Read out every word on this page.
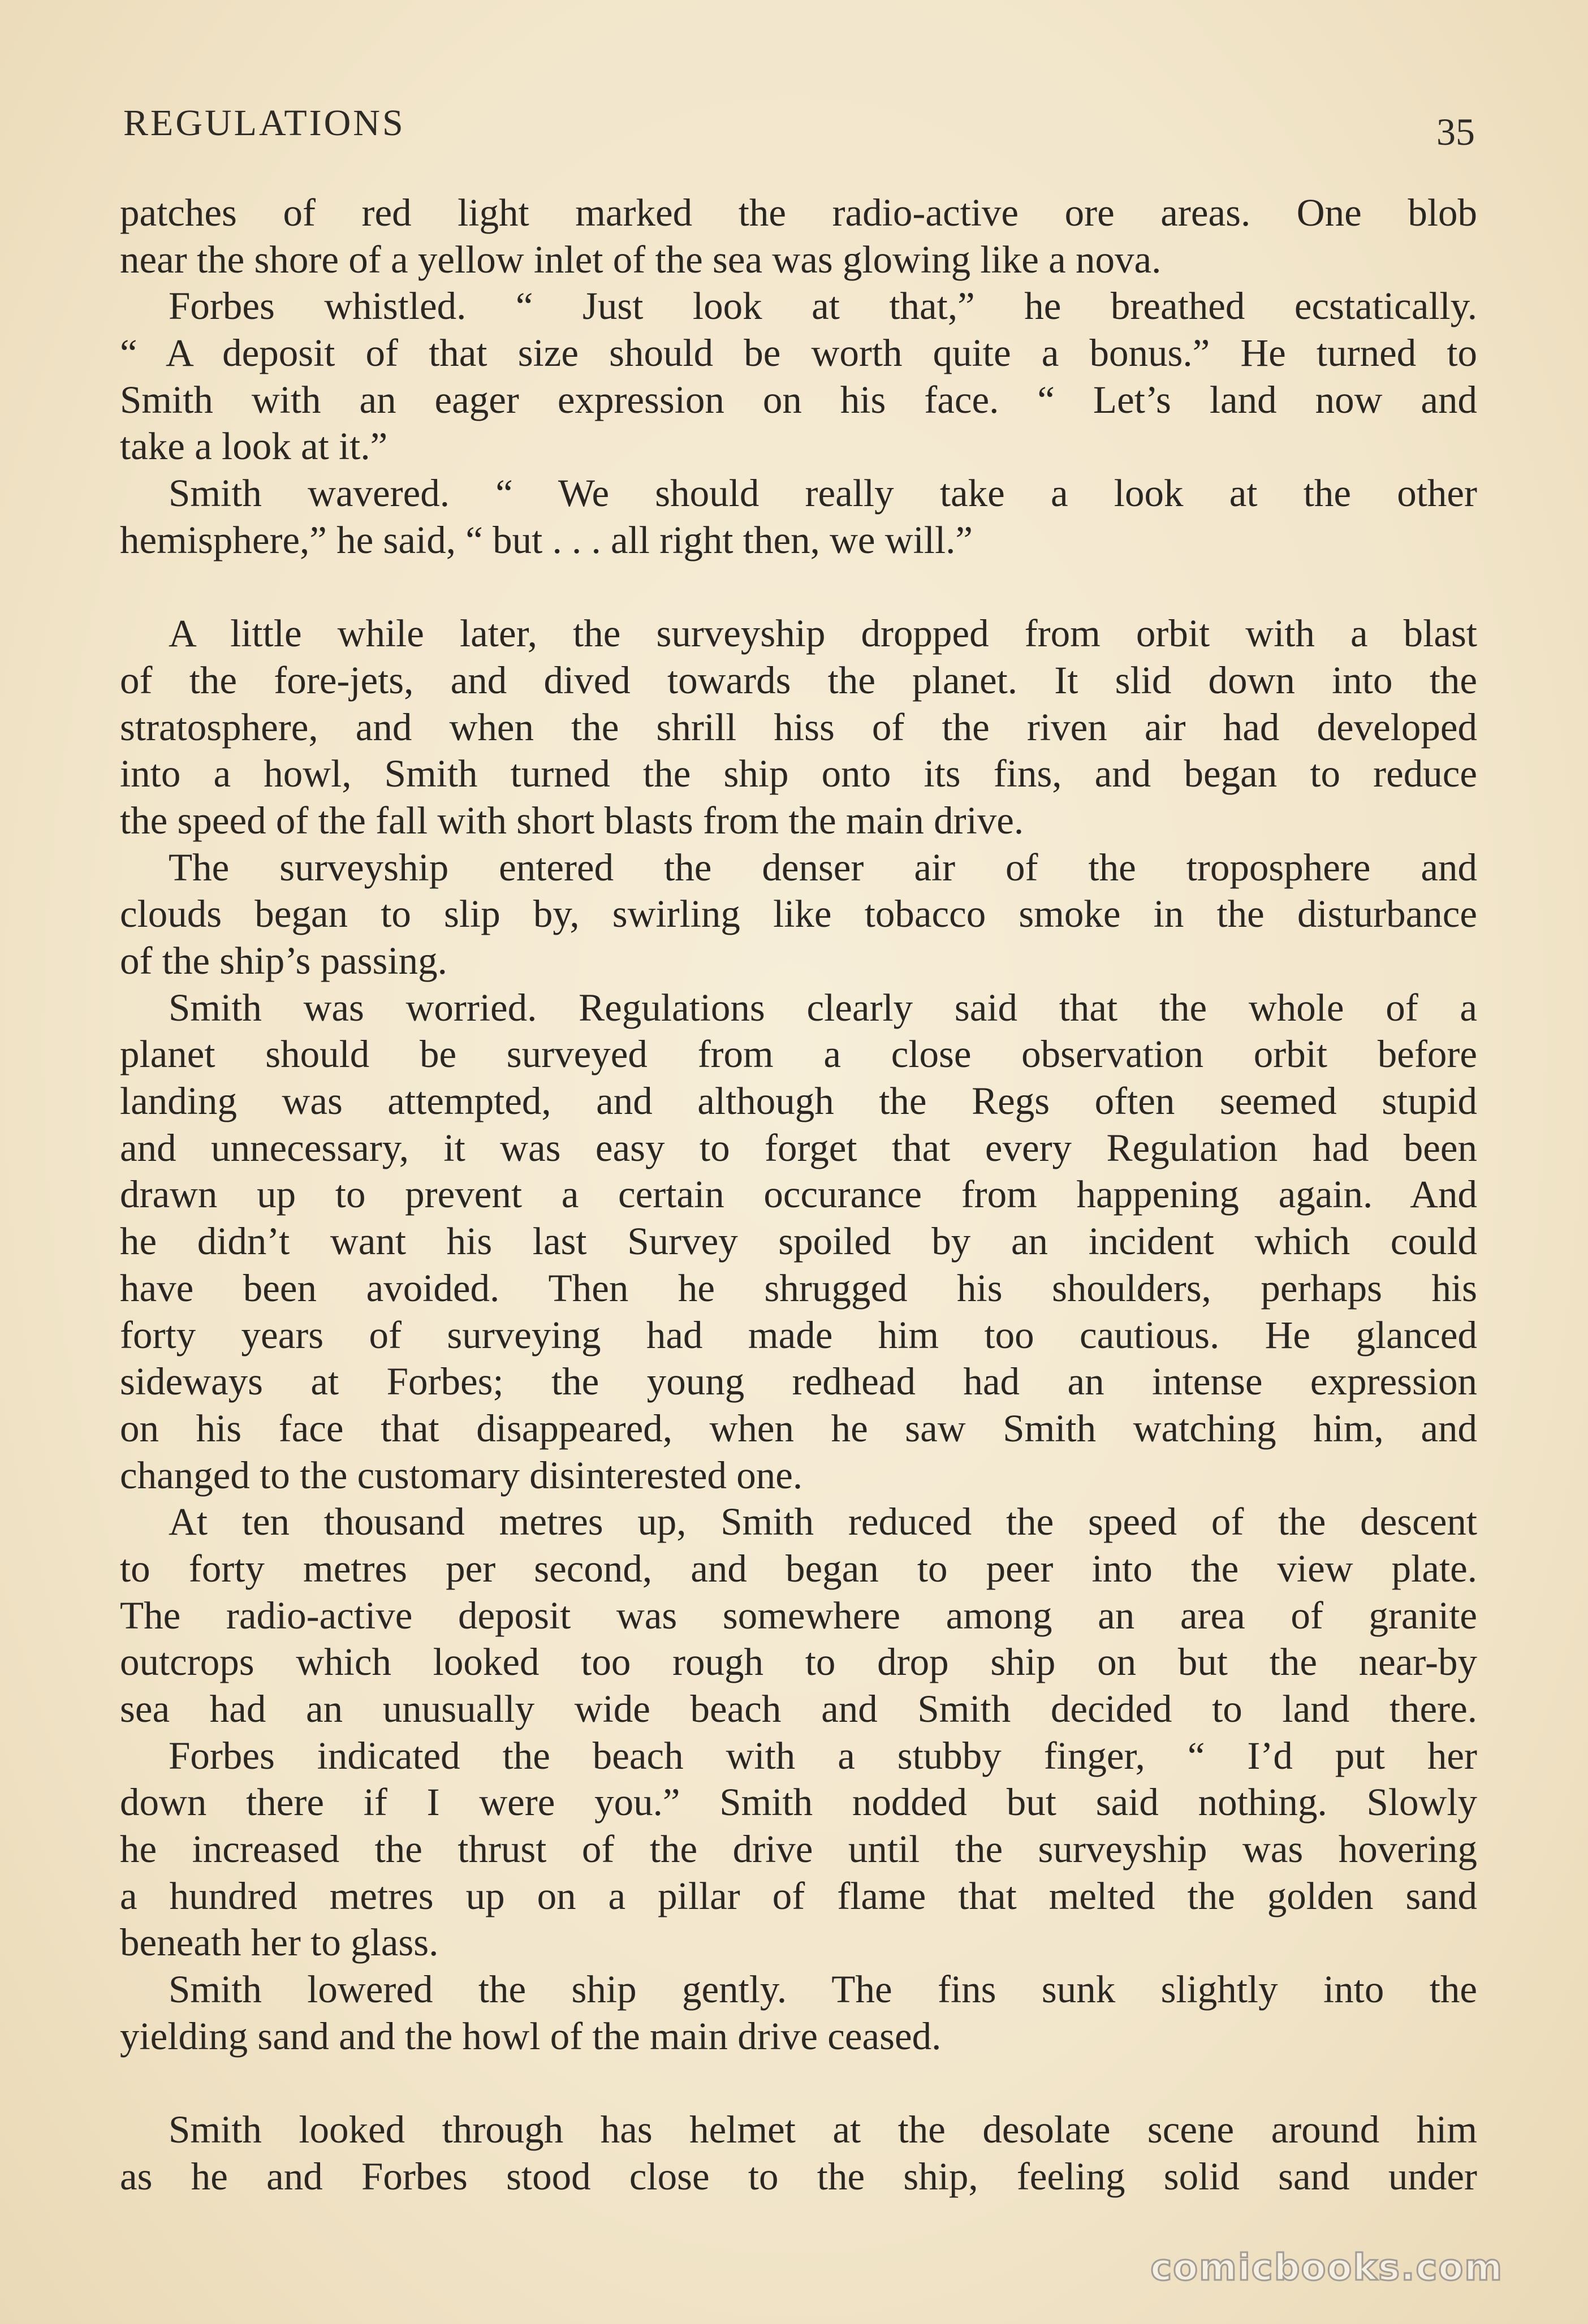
REGULATIONS	35
patches of red light marked the radio-active ore areas. One blob
near the shore of a yellow inlet of the sea was glowing like a nova.
Forbes whistled. “ Just look at that,” he breathed ecstatically.
“ A deposit of that size should be worth quite a bonus.” He turned to
Smith with an eager expression on his face. “ Let’s land now and
take a look at it.”
Smith wavered. “ We should really take a look at the other
hemisphere,” he said, “ but . . . all right then, we will.”
A little while later, the surveyship dropped from orbit with a blast
of the fore-jets, and dived towards the planet. It slid down into the
stratosphere, and when the shrill hiss of the riven air had developed
into a howl, Smith turned the ship onto its fins, and began to reduce
the speed of the fall with short blasts from the main drive.
The surveyship entered the denser air of the troposphere and
clouds began to slip by, swirling like tobacco smoke in the disturbance
of the ship’s passing.
Smith was worried. Regulations clearly said that the whole of a
planet should be surveyed from a close observation orbit before
landing was attempted, and although the Regs often seemed stupid
and unnecessary, it was easy to forget that every Regulation had been
drawn up to prevent a certain occurance from happening again. And
he didn’t want his last Survey spoiled by an incident which could
have been avoided. Then he shrugged his shoulders, perhaps his
forty years of surveying had made him too cautious. He glanced
sideways at Forbes; the young redhead had an intense expression
on his face that disappeared, when he saw Smith watching him, and
changed to the customary disinterested one.
At ten thousand metres up, Smith reduced the speed of the descent
to forty metres per second, and began to peer into the view plate.
The radio-active deposit was somewhere among an area of granite
outcrops which looked too rough to drop ship on but the near-by
sea had an unusually wide beach and Smith decided to land there.
Forbes indicated the beach with a stubby finger, “ I’d put her
down there if I were you.” Smith nodded but said nothing. Slowly
he increased the thrust of the drive until the surveyship was hovering
a hundred metres up on a pillar of flame that melted the golden sand
beneath her to glass.
Smith lowered the ship gently. The fins sunk slightly into the
yielding sand and the howl of the main drive ceased.
Smith looked through has helmet at the desolate scene around him
as he and Forbes stood close to the ship, feeling solid sand under
comicbooks.com
